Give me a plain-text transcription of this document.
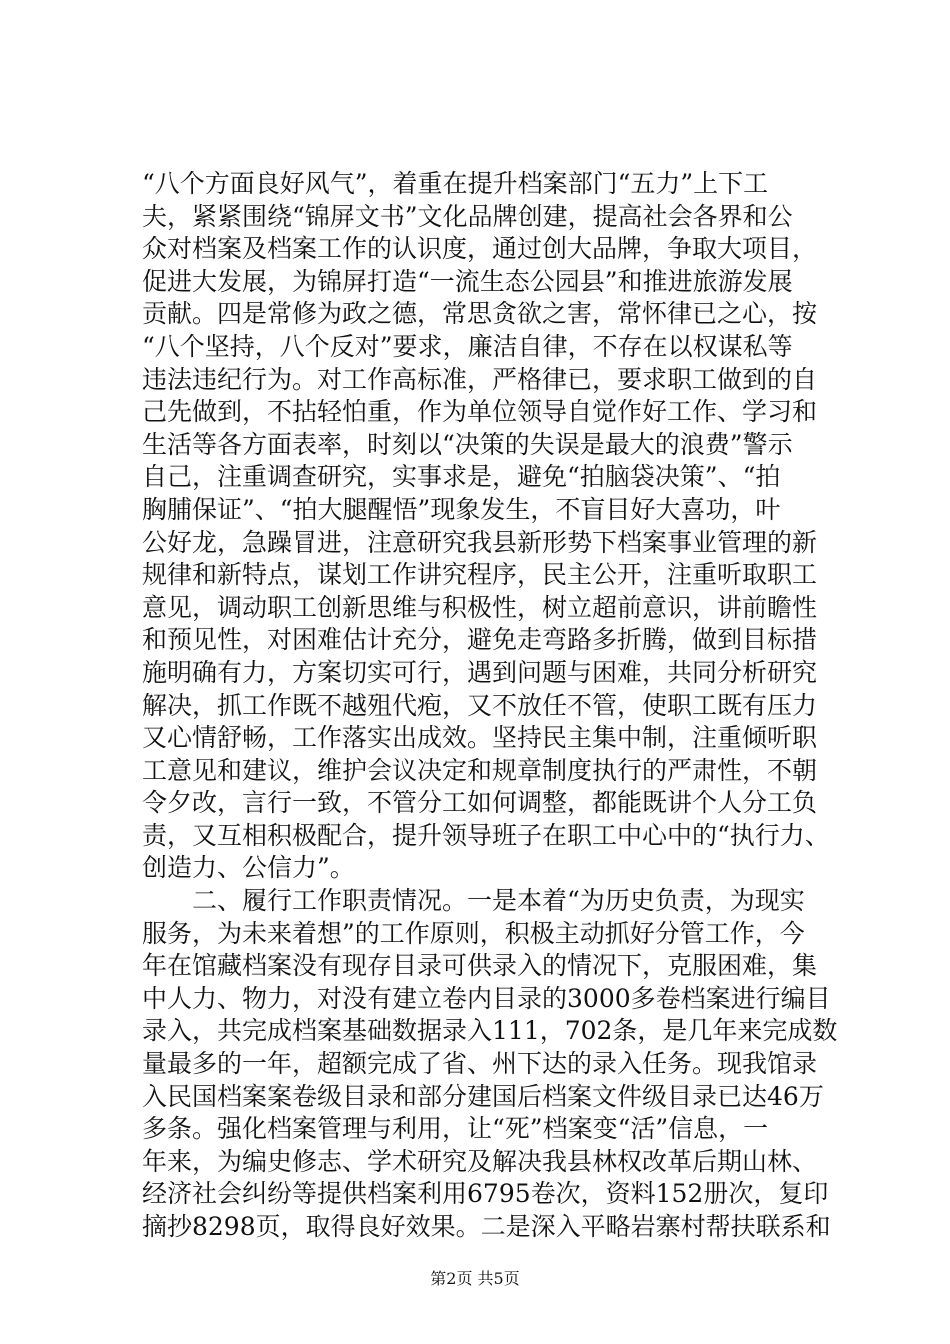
“八个方面良好风气”，着重在提升档案部门“五力”上下工
夫，紧紧围绕“锦屏文书”文化品牌创建，提高社会各界和公
众对档案及档案工作的认识度，通过创大品牌，争取大项目，
促进大发展，为锦屏打造“一流生态公园县”和推进旅游发展
贡献。四是常修为政之德，常思贪欲之害，常怀律已之心，按
“八个坚持，八个反对”要求，廉洁自律，不存在以权谋私等
违法违纪行为。对工作高标准，严格律已，要求职工做到的自
己先做到，不拈轻怕重，作为单位领导自觉作好工作、学习和
生活等各方面表率，时刻以“决策的失误是最大的浪费”警示
自己，注重调查研究，实事求是，避免“拍脑袋决策”、“拍
胸脯保证”、“拍大腿醒悟”现象发生，不盲目好大喜功，叶
公好龙，急躁冒进，注意研究我县新形势下档案事业管理的新
规律和新特点，谋划工作讲究程序，民主公开，注重听取职工
意见，调动职工创新思维与积极性，树立超前意识，讲前瞻性
和预见性，对困难估计充分，避免走弯路多折腾，做到目标措
施明确有力，方案切实可行，遇到问题与困难，共同分析研究
解决，抓工作既不越殂代疱，又不放任不管，使职工既有压力
又心情舒畅，工作落实出成效。坚持民主集中制，注重倾听职
工意见和建议，维护会议决定和规章制度执行的严肃性，不朝
令夕改，言行一致，不管分工如何调整，都能既讲个人分工负
责，又互相积极配合，提升领导班子在职工中心中的“执行力、
创造力、公信力”。
二、履行工作职责情况。一是本着“为历史负责，为现实
服务，为未来着想”的工作原则，积极主动抓好分管工作，今
年在馆藏档案没有现存目录可供录入的情况下，克服困难，集
中人力、物力，对没有建立卷内目录的3000多卷档案进行编目
录入，共完成档案基础数据录入111，702条，是几年来完成数
量最多的一年，超额完成了省、州下达的录入任务。现我馆录
入民国档案案卷级目录和部分建国后档案文件级目录已达46万
多条。强化档案管理与利用，让“死”档案变“活”信息，一
年来，为编史修志、学术研究及解决我县林权改革后期山林、
经济社会纠纷等提供档案利用6795卷次，资料152册次，复印
摘抄8298页，取得良好效果。二是深入平略岩寨村帮扶联系和
第2页 共5页
